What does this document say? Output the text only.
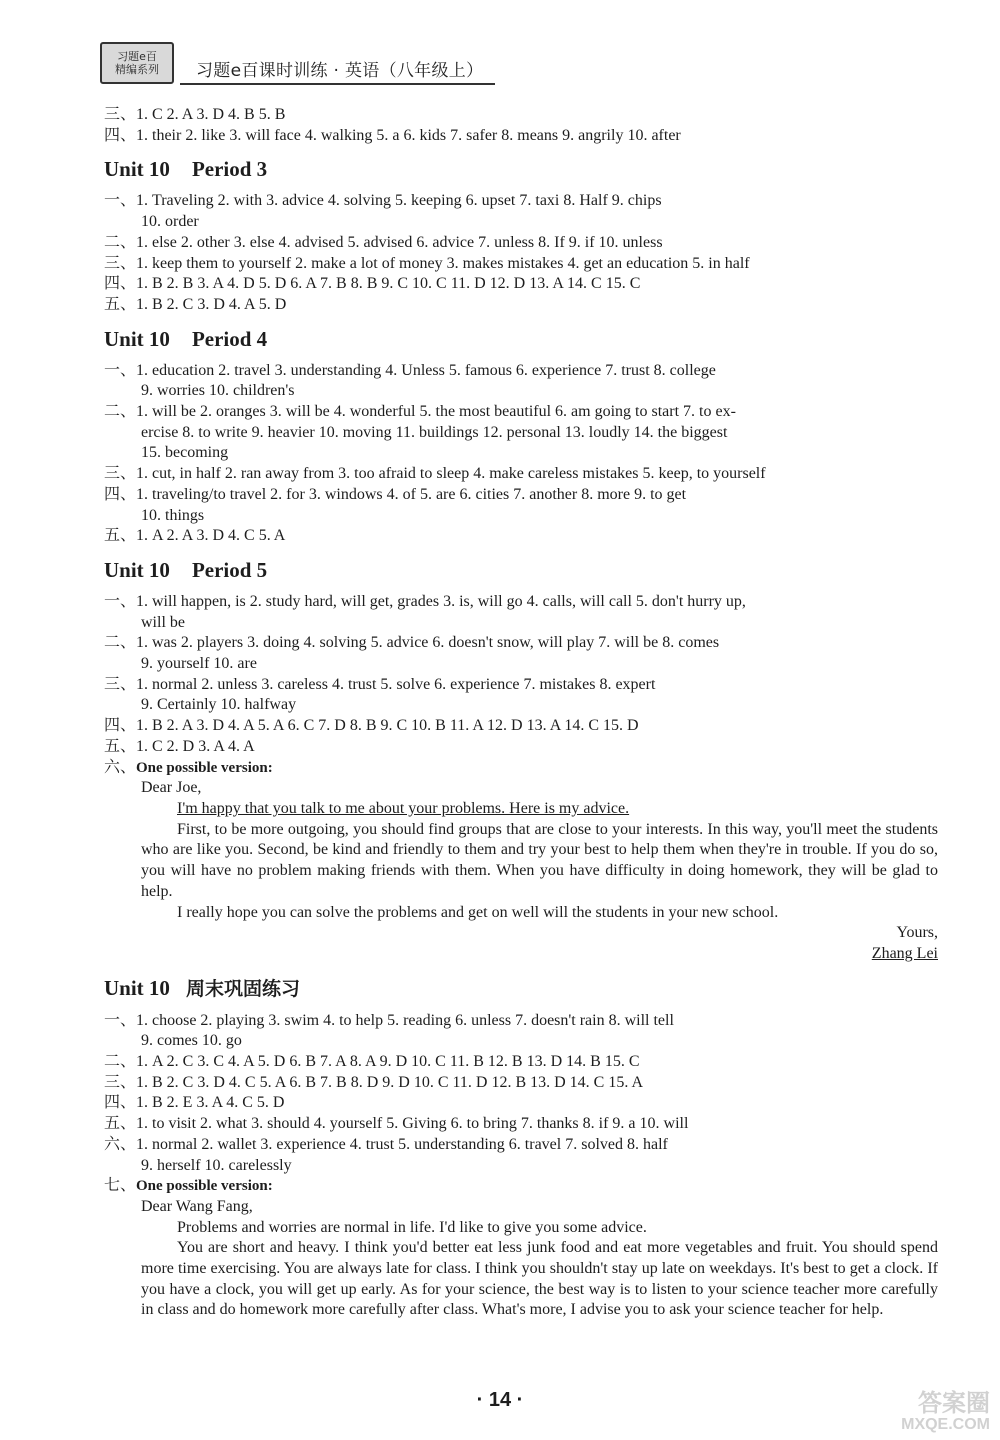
习题e百
精编系列 习题e百课时训练 · 英语（八年级上）
三、1. C 2. A 3. D 4. B 5. B
四、1. their 2. like 3. will face 4. walking 5. a 6. kids 7. safer 8. means 9. angrily 10. after
Unit 10 Period 3
一、1. Traveling 2. with 3. advice 4. solving 5. keeping 6. upset 7. taxi 8. Half 9. chips
10. order
二、1. else 2. other 3. else 4. advised 5. advised 6. advice 7. unless 8. If 9. if 10. unless
三、1. keep them to yourself 2. make a lot of money 3. makes mistakes 4. get an education 5. in half
四、1. B 2. B 3. A 4. D 5. D 6. A 7. B 8. B 9. C 10. C 11. D 12. D 13. A 14. C 15. C
五、1. B 2. C 3. D 4. A 5. D
Unit 10 Period 4
一、1. education 2. travel 3. understanding 4. Unless 5. famous 6. experience 7. trust 8. college
9. worries 10. children's
二、1. will be 2. oranges 3. will be 4. wonderful 5. the most beautiful 6. am going to start 7. to ex-
ercise 8. to write 9. heavier 10. moving 11. buildings 12. personal 13. loudly 14. the biggest
15. becoming
三、1. cut, in half 2. ran away from 3. too afraid to sleep 4. make careless mistakes 5. keep, to yourself
四、1. traveling/to travel 2. for 3. windows 4. of 5. are 6. cities 7. another 8. more 9. to get
10. things
五、1. A 2. A 3. D 4. C 5. A
Unit 10 Period 5
一、1. will happen, is 2. study hard, will get, grades 3. is, will go 4. calls, will call 5. don't hurry up,
will be
二、1. was 2. players 3. doing 4. solving 5. advice 6. doesn't snow, will play 7. will be 8. comes
9. yourself 10. are
三、1. normal 2. unless 3. careless 4. trust 5. solve 6. experience 7. mistakes 8. expert
9. Certainly 10. halfway
四、1. B 2. A 3. D 4. A 5. A 6. C 7. D 8. B 9. C 10. B 11. A 12. D 13. A 14. C 15. D
五、1. C 2. D 3. A 4. A
六、One possible version:

Dear Joe,

I'm happy that you talk to me about your problems. Here is my advice.

First, to be more outgoing, you should find groups that are close to your interests. In this way, you'll meet the students who are like you. Second, be kind and friendly to them and try your best to help them when they're in trouble. If you do so, you will have no problem making friends with them. When you have difficulty in doing homework, they will be glad to help.

I really hope you can solve the problems and get on well will the students in your new school.

Yours,

Zhang Lei

Unit 10 周末巩固练习
一、1. choose 2. playing 3. swim 4. to help 5. reading 6. unless 7. doesn't rain 8. will tell
9. comes 10. go
二、1. A 2. C 3. C 4. A 5. D 6. B 7. A 8. A 9. D 10. C 11. B 12. B 13. D 14. B 15. C
三、1. B 2. C 3. D 4. C 5. A 6. B 7. B 8. D 9. D 10. C 11. D 12. B 13. D 14. C 15. A
四、1. B 2. E 3. A 4. C 5. D
五、1. to visit 2. what 3. should 4. yourself 5. Giving 6. to bring 7. thanks 8. if 9. a 10. will
六、1. normal 2. wallet 3. experience 4. trust 5. understanding 6. travel 7. solved 8. half
9. herself 10. carelessly
七、One possible version:

Dear Wang Fang,

Problems and worries are normal in life. I'd like to give you some advice.

You are short and heavy. I think you'd better eat less junk food and eat more vegetables and fruit. You should spend more time exercising. You are always late for class. I think you shouldn't stay up late on weekdays. It's best to get a clock. If you have a clock, you will get up early. As for your science, the best way is to listen to your science teacher more carefully in class and do homework more carefully after class. What's more, I advise you to ask your science teacher for help.

· 14 ·	答案圈
MXQE.COM
